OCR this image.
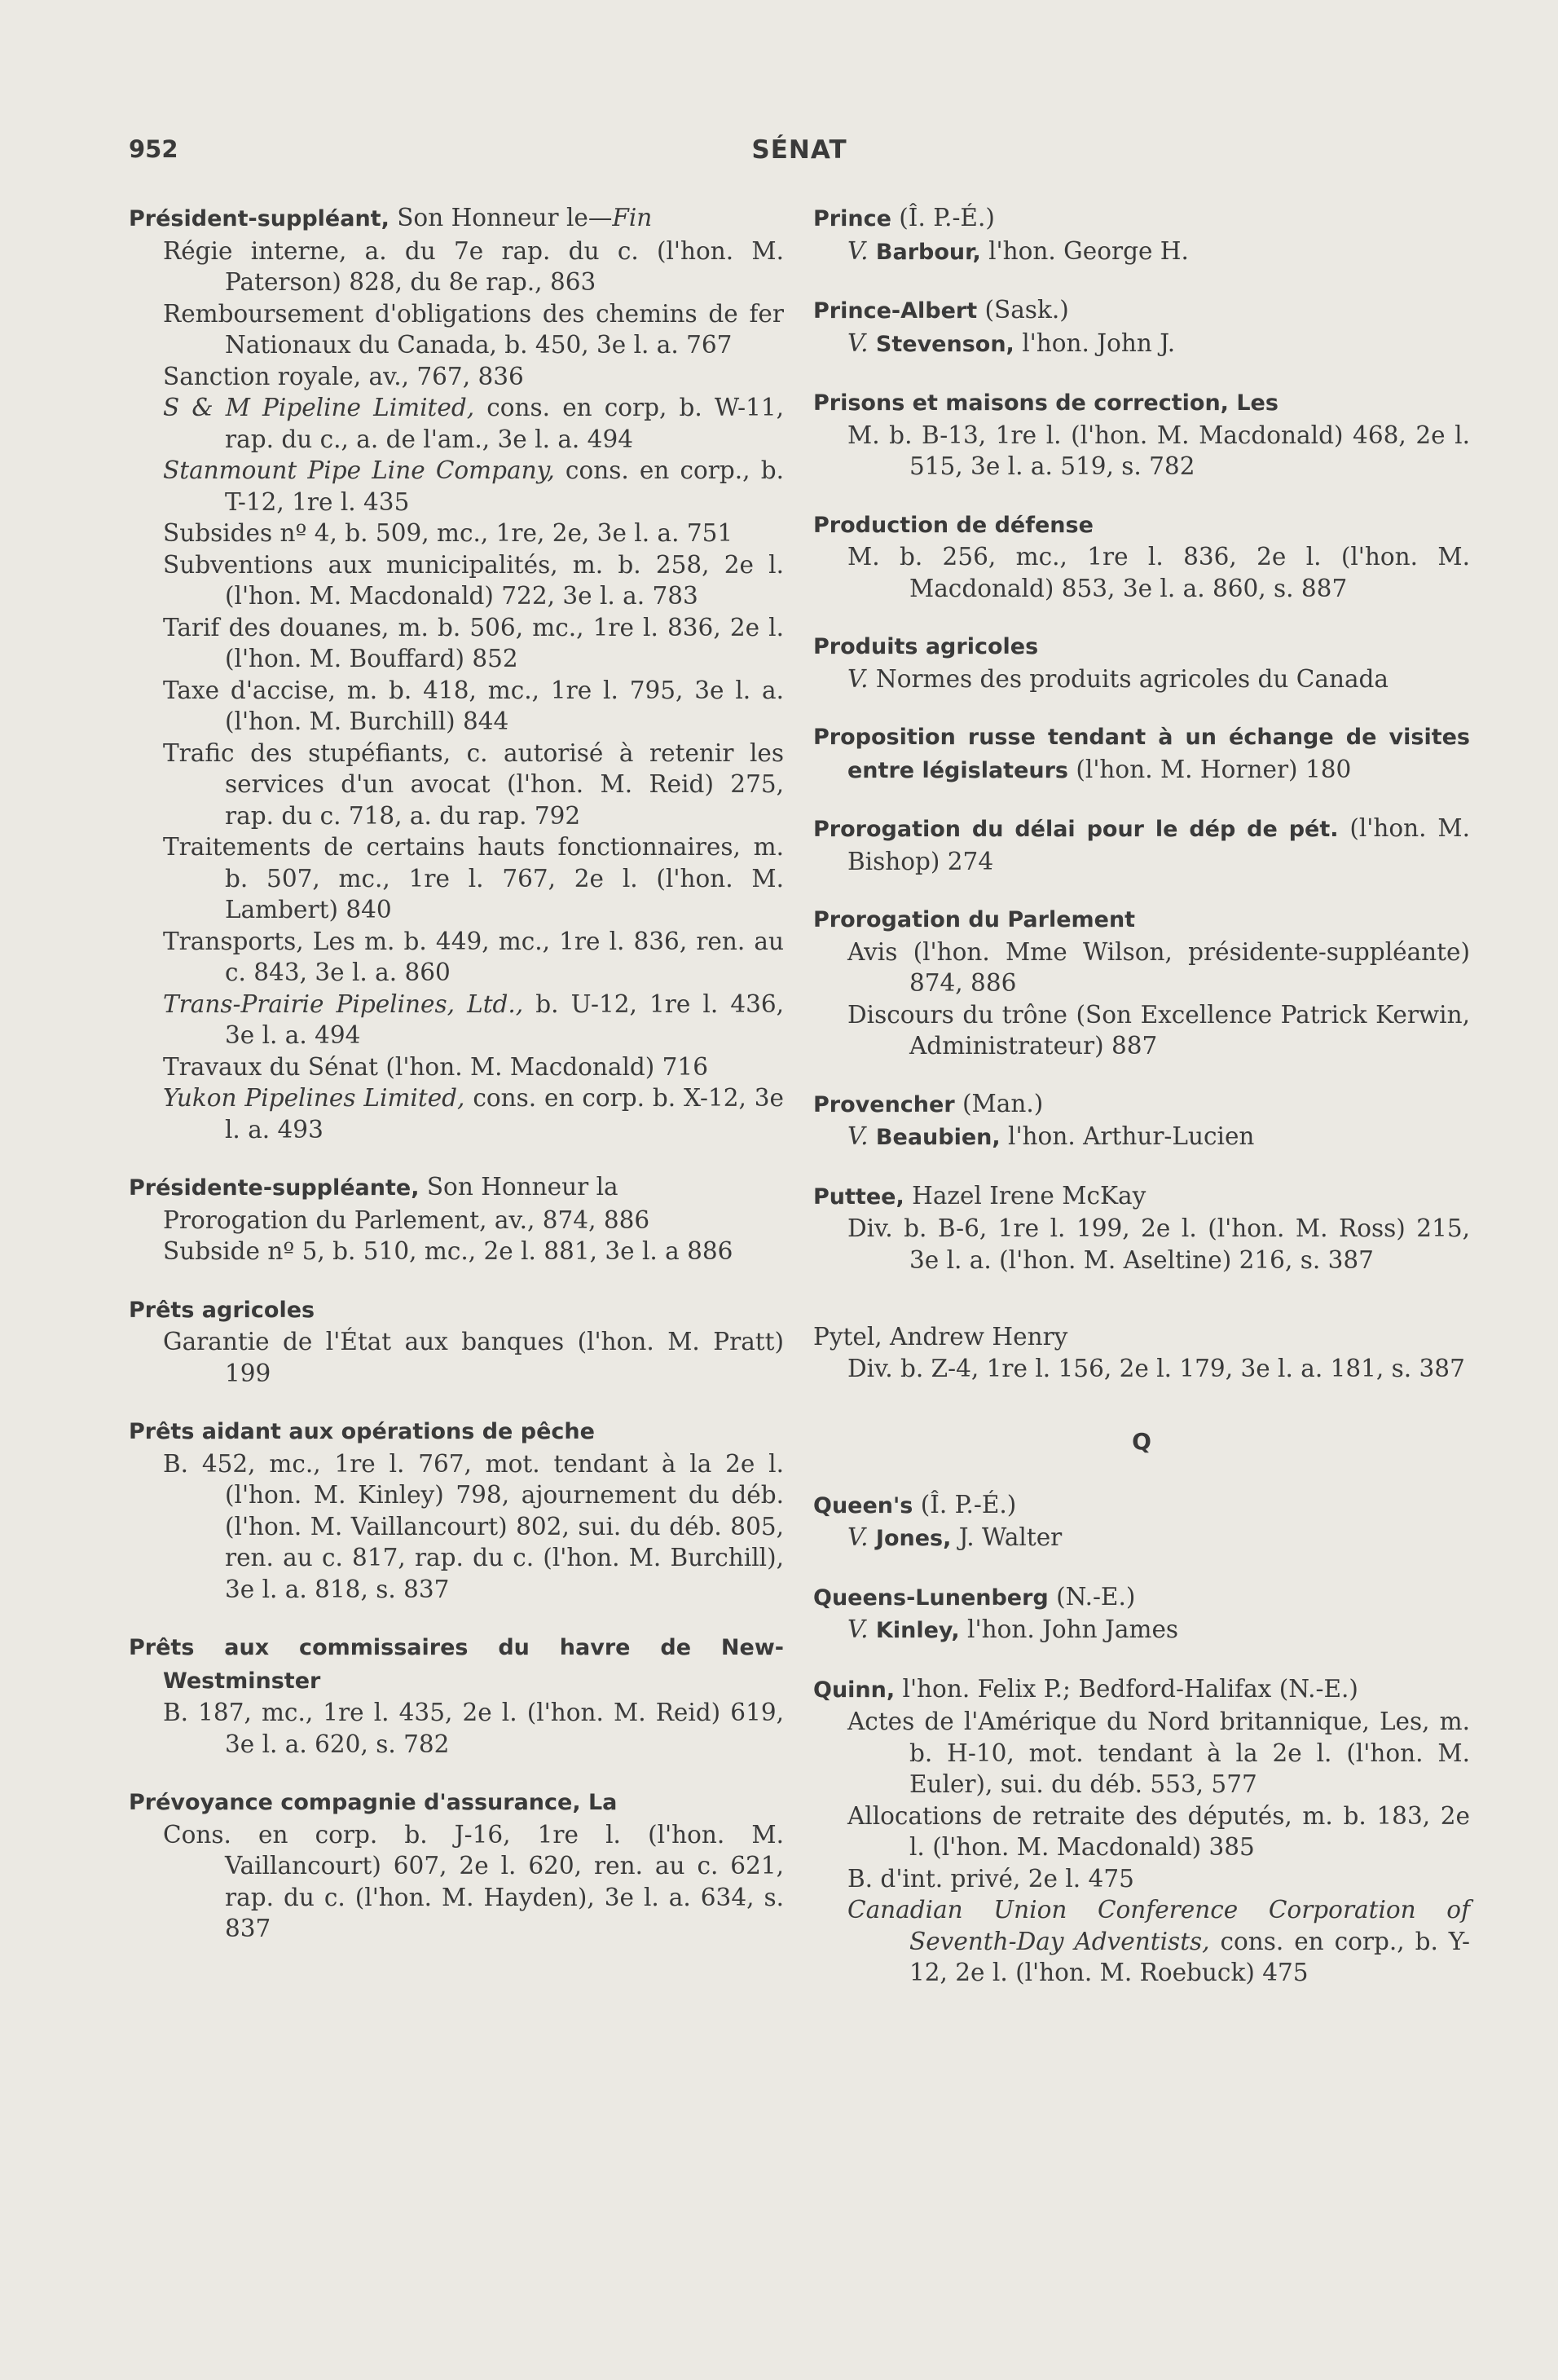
952	SÉNAT
Président-suppléant, Son Honneur le—Fin
Régie interne, a. du 7e rap. du c. (l'hon. M. Paterson) 828, du 8e rap., 863
Remboursement d'obligations des chemins de fer Nationaux du Canada, b. 450, 3e l. a. 767
Sanction royale, av., 767, 836
S & M Pipeline Limited, cons. en corp, b. W-11, rap. du c., a. de l'am., 3e l. a. 494
Stanmount Pipe Line Company, cons. en corp., b. T-12, 1re l. 435
Subsides nº 4, b. 509, mc., 1re, 2e, 3e l. a. 751
Subventions aux municipalités, m. b. 258, 2e l. (l'hon. M. Macdonald) 722, 3e l. a. 783
Tarif des douanes, m. b. 506, mc., 1re l. 836, 2e l. (l'hon. M. Bouffard) 852
Taxe d'accise, m. b. 418, mc., 1re l. 795, 3e l. a. (l'hon. M. Burchill) 844
Trafic des stupéfiants, c. autorisé à retenir les services d'un avocat (l'hon. M. Reid) 275, rap. du c. 718, a. du rap. 792
Traitements de certains hauts fonctionnaires, m. b. 507, mc., 1re l. 767, 2e l. (l'hon. M. Lambert) 840
Transports, Les m. b. 449, mc., 1re l. 836, ren. au c. 843, 3e l. a. 860
Trans-Prairie Pipelines, Ltd., b. U-12, 1re l. 436, 3e l. a. 494
Travaux du Sénat (l'hon. M. Macdonald) 716
Yukon Pipelines Limited, cons. en corp. b. X-12, 3e l. a. 493
Présidente-suppléante, Son Honneur la
Prorogation du Parlement, av., 874, 886
Subside nº 5, b. 510, mc., 2e l. 881, 3e l. a 886
Prêts agricoles
Garantie de l'État aux banques (l'hon. M. Pratt) 199
Prêts aidant aux opérations de pêche
B. 452, mc., 1re l. 767, mot. tendant à la 2e l. (l'hon. M. Kinley) 798, ajournement du déb. (l'hon. M. Vaillancourt) 802, sui. du déb. 805, ren. au c. 817, rap. du c. (l'hon. M. Burchill), 3e l. a. 818, s. 837
Prêts aux commissaires du havre de New-Westminster
B. 187, mc., 1re l. 435, 2e l. (l'hon. M. Reid) 619, 3e l. a. 620, s. 782
Prévoyance compagnie d'assurance, La
Cons. en corp. b. J-16, 1re l. (l'hon. M. Vaillancourt) 607, 2e l. 620, ren. au c. 621, rap. du c. (l'hon. M. Hayden), 3e l. a. 634, s. 837
Prince (Î. P.-É.)
V. Barbour, l'hon. George H.
Prince-Albert (Sask.)
V. Stevenson, l'hon. John J.
Prisons et maisons de correction, Les
M. b. B-13, 1re l. (l'hon. M. Macdonald) 468, 2e l. 515, 3e l. a. 519, s. 782
Production de défense
M. b. 256, mc., 1re l. 836, 2e l. (l'hon. M. Macdonald) 853, 3e l. a. 860, s. 887
Produits agricoles
V. Normes des produits agricoles du Canada
Proposition russe tendant à un échange de visites entre législateurs (l'hon. M. Horner) 180
Prorogation du délai pour le dép de pét. (l'hon. M. Bishop) 274
Prorogation du Parlement
Avis (l'hon. Mme Wilson, présidente-suppléante) 874, 886
Discours du trône (Son Excellence Patrick Kerwin, Administrateur) 887
Provencher (Man.)
V. Beaubien, l'hon. Arthur-Lucien
Puttee, Hazel Irene McKay
Div. b. B-6, 1re l. 199, 2e l. (l'hon. M. Ross) 215, 3e l. a. (l'hon. M. Aseltine) 216, s. 387
Pytel, Andrew Henry
Div. b. Z-4, 1re l. 156, 2e l. 179, 3e l. a. 181, s. 387
Q
Queen's (Î. P.-É.)
V. Jones, J. Walter
Queens-Lunenberg (N.-E.)
V. Kinley, l'hon. John James
Quinn, l'hon. Felix P.; Bedford-Halifax (N.-E.)
Actes de l'Amérique du Nord britannique, Les, m. b. H-10, mot. tendant à la 2e l. (l'hon. M. Euler), sui. du déb. 553, 577
Allocations de retraite des députés, m. b. 183, 2e l. (l'hon. M. Macdonald) 385
B. d'int. privé, 2e l. 475
Canadian Union Conference Corporation of Seventh-Day Adventists, cons. en corp., b. Y-12, 2e l. (l'hon. M. Roebuck) 475
